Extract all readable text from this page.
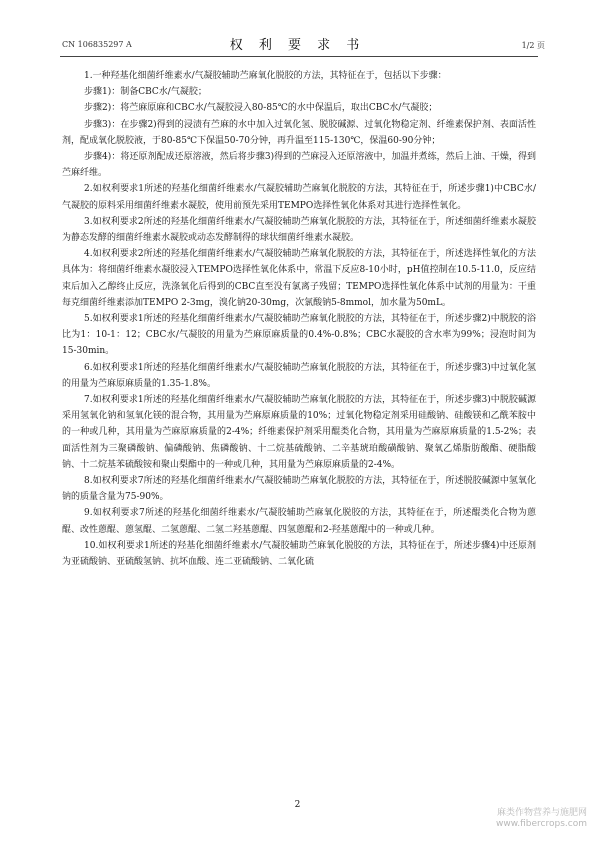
CN 106835297 A	权 利 要 求 书	1/2 页

1.一种羟基化细菌纤维素水/气凝胶辅助苎麻氧化脱胶的方法，其特征在于，包括以下步骤：

步骤1)：制备CBC水/气凝胶；

步骤2)：将苎麻原麻和CBC水/气凝胶浸入80-85℃的水中保温后，取出CBC水/气凝胶；

步骤3)：在步骤2)得到的浸渍有苎麻的水中加入过氧化氢、脱胶碱源、过氧化物稳定剂、纤维素保护剂、表面活性剂，配成氧化脱胶液，于80-85℃下保温50-70分钟，再升温至115-130℃，保温60-90分钟；

步骤4)：将还原剂配成还原溶液，然后将步骤3)得到的苎麻浸入还原溶液中，加温并煮练，然后上油、干燥，得到苎麻纤维。

2.如权利要求1所述的羟基化细菌纤维素水/气凝胶辅助苎麻氧化脱胶的方法，其特征在于，所述步骤1)中CBC水/气凝胶的原料采用细菌纤维素水凝胶，使用前预先采用TEMPO选择性氧化体系对其进行选择性氧化。

3.如权利要求2所述的羟基化细菌纤维素水/气凝胶辅助苎麻氧化脱胶的方法，其特征在于，所述细菌纤维素水凝胶为静态发酵的细菌纤维素水凝胶或动态发酵制得的球状细菌纤维素水凝胶。

4.如权利要求2所述的羟基化细菌纤维素水/气凝胶辅助苎麻氧化脱胶的方法，其特征在于，所述选择性氧化的方法具体为：将细菌纤维素水凝胶浸入TEMPO选择性氧化体系中，常温下反应8-10小时，pH值控制在10.5-11.0，反应结束后加入乙醇终止反应，洗涤氧化后得到的CBC直至没有氯离子残留；TEMPO选择性氧化体系中试剂的用量为：干重每克细菌纤维素添加TEMPO 2-3mg，溴化钠20-30mg，次氯酸钠5-8mmol，加水量为50mL。

5.如权利要求1所述的羟基化细菌纤维素水/气凝胶辅助苎麻氧化脱胶的方法，其特征在于，所述步骤2)中脱胶的浴比为1：10-1：12；CBC水/气凝胶的用量为苎麻原麻质量的0.4%-0.8%；CBC水凝胶的含水率为99%；浸泡时间为15-30min。

6.如权利要求1所述的羟基化细菌纤维素水/气凝胶辅助苎麻氧化脱胶的方法，其特征在于，所述步骤3)中过氧化氢的用量为苎麻原麻质量的1.35-1.8%。

7.如权利要求1所述的羟基化细菌纤维素水/气凝胶辅助苎麻氧化脱胶的方法，其特征在于，所述步骤3)中脱胶碱源采用氢氧化钠和氢氧化镁的混合物，其用量为苎麻原麻质量的10%；过氧化物稳定剂采用硅酸钠、硅酸镁和乙酰苯胺中的一种或几种，其用量为苎麻原麻质量的2-4%；纤维素保护剂采用醌类化合物，其用量为苎麻原麻质量的1.5-2%；表面活性剂为三聚磷酸钠、偏磷酸钠、焦磷酸钠、十二烷基硫酸钠、二辛基琥珀酸磺酸钠、聚氧乙烯脂肪酸酯、硬脂酸钠、十二烷基苯硫酸铵和聚山梨酯中的一种或几种，其用量为苎麻原麻质量的2-4%。

8.如权利要求7所述的羟基化细菌纤维素水/气凝胶辅助苎麻氧化脱胶的方法，其特征在于，所述脱胶碱源中氢氧化钠的质量含量为75-90%。

9.如权利要求7所述的羟基化细菌纤维素水/气凝胶辅助苎麻氧化脱胶的方法，其特征在于，所述醌类化合物为蒽醌、改性蒽醌、蒽氢醌、二氢蒽醌、二氢二羟基蒽醌、四氢蒽醌和2-羟基蒽醌中的一种或几种。

10.如权利要求1所述的羟基化细菌纤维素水/气凝胶辅助苎麻氧化脱胶的方法，其特征在于，所述步骤4)中还原剂为亚硫酸钠、亚硫酸氢钠、抗坏血酸、连二亚硫酸钠、二氧化硫

2
麻类作物营养与施肥网
www.fibercrops.com
